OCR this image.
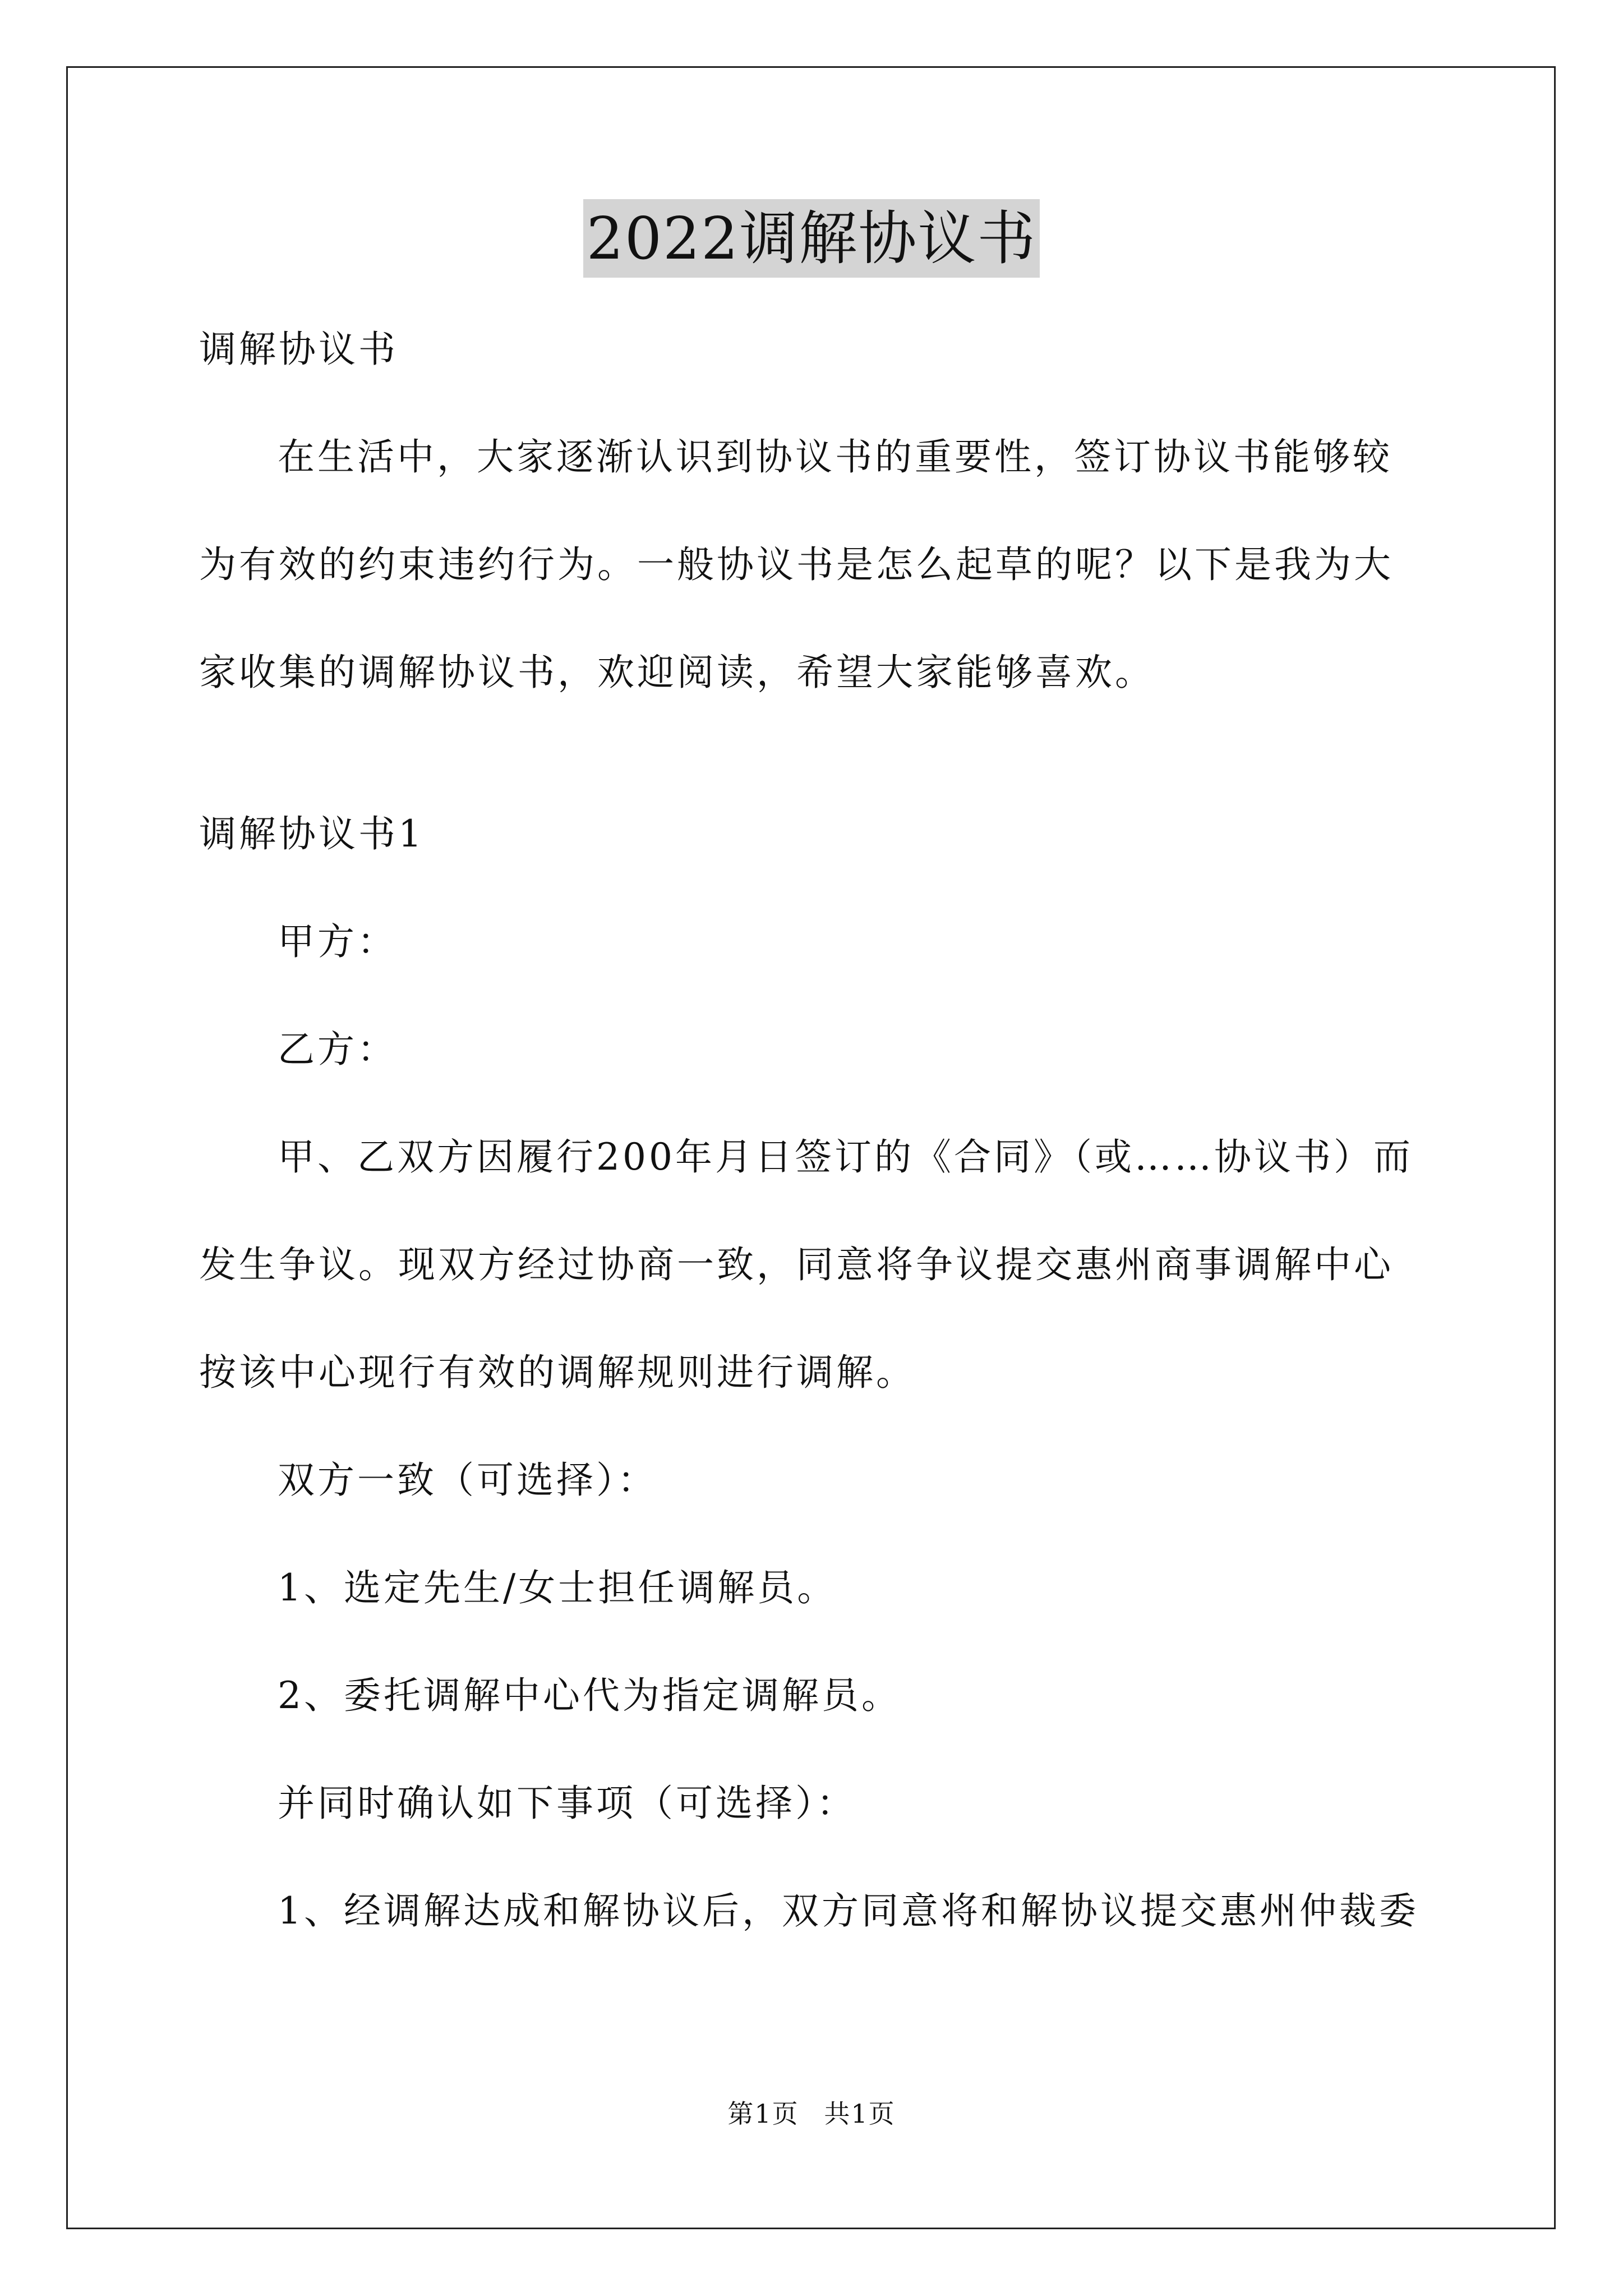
2022调解协议书
调解协议书
在生活中，大家逐渐认识到协议书的重要性，签订协议书能够较
为有效的约束违约行为。一般协议书是怎么起草的呢？以下是我为大
家收集的调解协议书，欢迎阅读，希望大家能够喜欢。
调解协议书1
甲方：
乙方：
甲、乙双方因履行200年月日签订的《合同》（或……协议书）而
发生争议。现双方经过协商一致，同意将争议提交惠州商事调解中心
按该中心现行有效的调解规则进行调解。
双方一致（可选择）：
1、选定先生/女士担任调解员。
2、委托调解中心代为指定调解员。
并同时确认如下事项（可选择）：
1、经调解达成和解协议后，双方同意将和解协议提交惠州仲裁委
第1页 共1页
